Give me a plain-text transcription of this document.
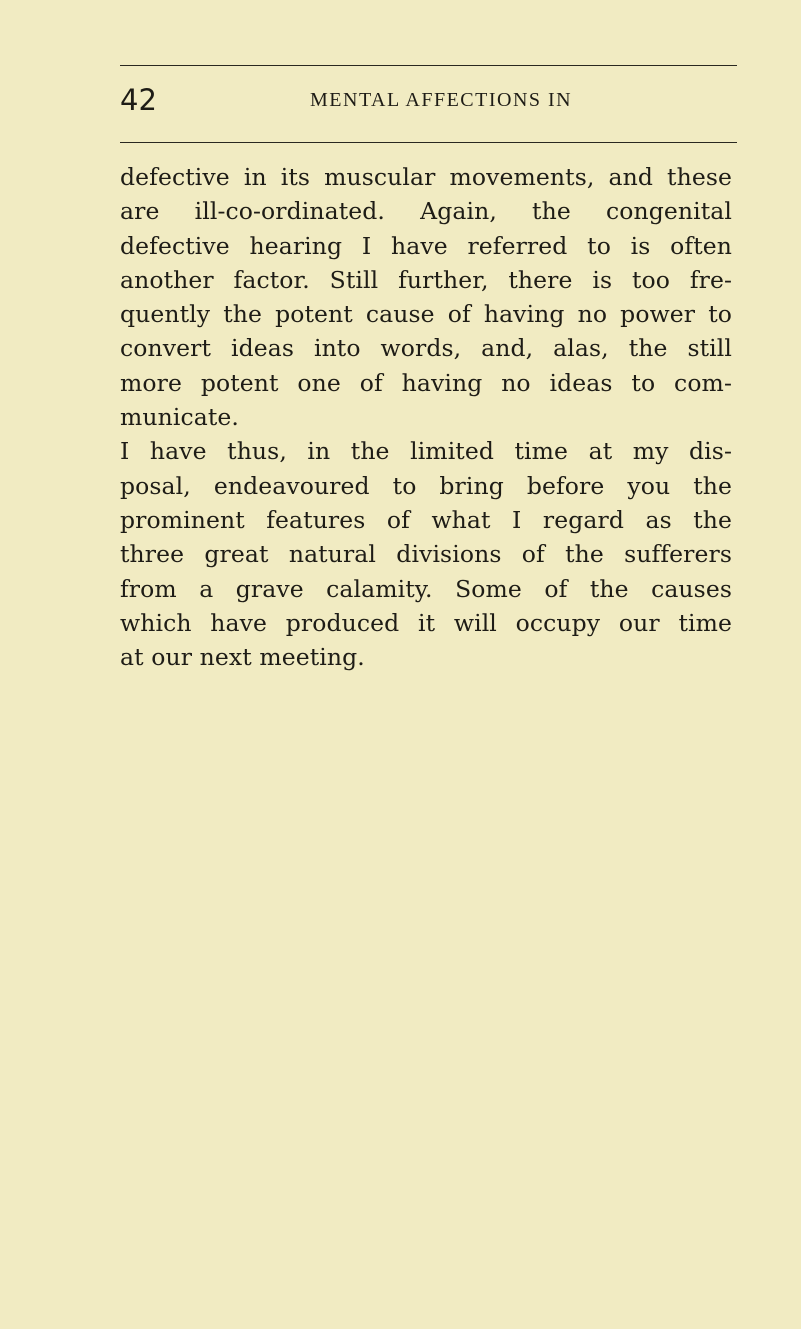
42	MENTAL AFFECTIONS IN
defective in its muscular movements, and these
are ill-co-ordinated. Again, the congenital
defective hearing I have referred to is often
another factor. Still further, there is too fre-
quently the potent cause of having no power to
convert ideas into words, and, alas, the still
more potent one of having no ideas to com-
municate.
I have thus, in the limited time at my dis-
posal, endeavoured to bring before you the
prominent features of what I regard as the
three great natural divisions of the sufferers
from a grave calamity. Some of the causes
which have produced it will occupy our time
at our next meeting.
